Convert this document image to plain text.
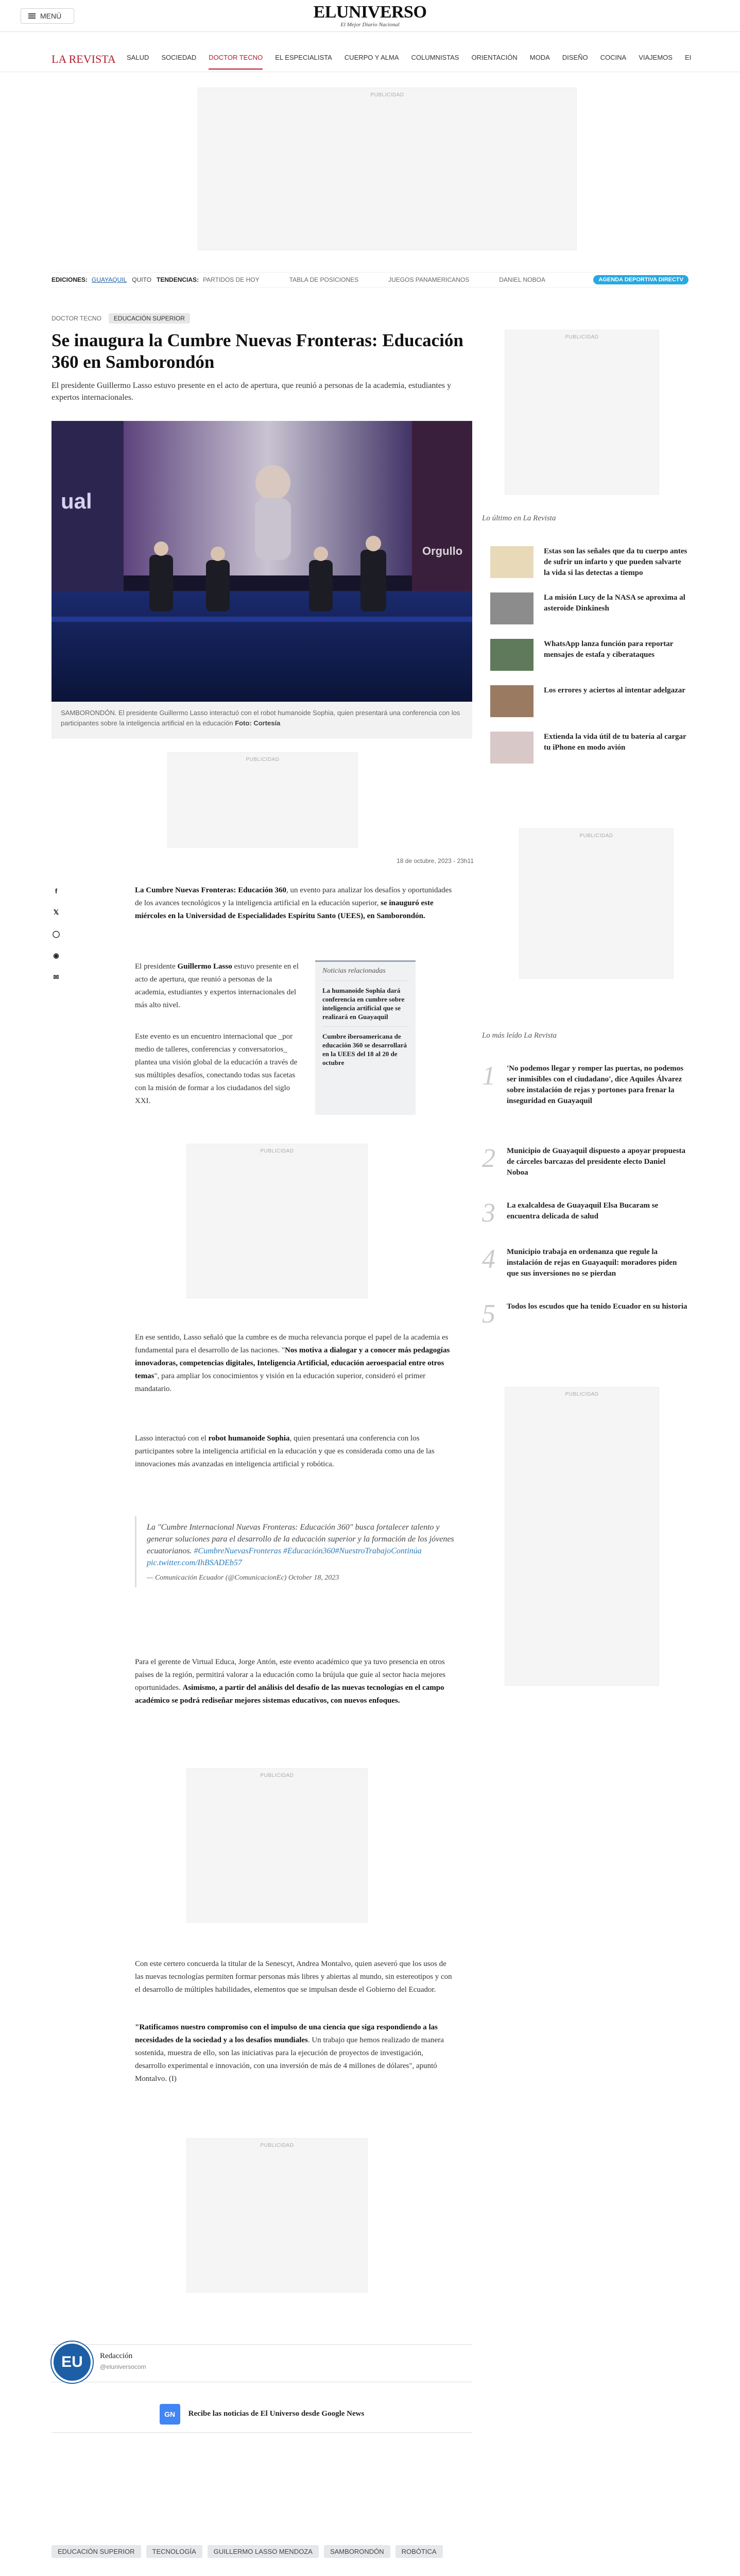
MENÚ	ELUNIVERSO
El Mejor Diario Nacional
LA REVISTA SALUD SOCIEDAD DOCTOR TECNO EL ESPECIALISTA CUERPO Y ALMA COLUMNISTAS ORIENTACIÓN MODA DISEÑO COCINA VIAJEMOS EI
PUBLICIDAD
EDICIONES: GUAYAQUIL QUITO TENDENCIAS: PARTIDOS DE HOY	TABLA DE POSICIONES	JUEGOS PANAMERICANOS	DANIEL NOBOA	AGENDA DEPORTIVA DIRECTV
DOCTOR TECNO	EDUCACIÓN SUPERIOR
Se inaugura la Cumbre Nuevas Fronteras: Educación 360 en Samborondón

El presidente Guillermo Lasso estuvo presente en el acto de apertura, que reunió a personas de la academia, estudiantes y expertos internacionales.

ual
Orgullo
SAMBORONDÓN. El presidente Guillermo Lasso interactuó con el robot humanoide Sophia, quien presentará una conferencia con los participantes sobre la inteligencia artificial en la educación Foto: Cortesía
PUBLICIDAD
18 de octubre, 2023 - 23h11
f
𝕏
◯
◉
✉

La Cumbre Nuevas Fronteras: Educación 360, un evento para analizar los desafíos y oportunidades de los avances tecnológicos y la inteligencia artificial en la educación superior, se inauguró este miércoles en la Universidad de Especialidades Espíritu Santo (UEES), en Samborondón.

El presidente Guillermo Lasso estuvo presente en el acto de apertura, que reunió a personas de la academia, estudiantes y expertos internacionales del más alto nivel.

Este evento es un encuentro internacional que _por medio de talleres, conferencias y conversatorios_ plantea una visión global de la educación a través de sus múltiples desafíos, conectando todas sus facetas con la misión de formar a los ciudadanos del siglo XXI.

Noticias relacionadas
La humanoide Sophia dará conferencia en cumbre sobre inteligencia artificial que se realizará en Guayaquil
Cumbre iberoamericana de educación 360 se desarrollará en la UEES del 18 al 20 de octubre
PUBLICIDAD

En ese sentido, Lasso señaló que la cumbre es de mucha relevancia porque el papel de la academia es fundamental para el desarrollo de las naciones. "Nos motiva a dialogar y a conocer más pedagogías innovadoras, competencias digitales, Inteligencia Artificial, educación aeroespacial entre otros temas", para ampliar los conocimientos y visión en la educación superior, consideró el primer mandatario.

Lasso interactuó con el robot humanoide Sophia, quien presentará una conferencia con los participantes sobre la inteligencia artificial en la educación y que es considerada como una de las innovaciones más avanzadas en inteligencia artificial y robótica.

La "Cumbre Internacional Nuevas Fronteras: Educación 360" busca fortalecer talento y generar soluciones para el desarrollo de la educación superior y la formación de los jóvenes ecuatorianos. #CumbreNuevasFronteras #Educación360#NuestroTrabajoContinúa pic.twitter.com/IhBSADEb57
— Comunicación Ecuador (@ComunicacionEc) October 18, 2023

Para el gerente de Virtual Educa, Jorge Antón, este evento académico que ya tuvo presencia en otros países de la región, permitirá valorar a la educación como la brújula que guíe al sector hacia mejores oportunidades. Asimismo, a partir del análisis del desafío de las nuevas tecnologías en el campo académico se podrá rediseñar mejores sistemas educativos, con nuevos enfoques.

PUBLICIDAD

Con este certero concuerda la titular de la Senescyt, Andrea Montalvo, quien aseveró que los usos de las nuevas tecnologías permiten formar personas más libres y abiertas al mundo, sin estereotipos y con el desarrollo de múltiples habilidades, elementos que se impulsan desde el Gobierno del Ecuador.

"Ratificamos nuestro compromiso con el impulso de una ciencia que siga respondiendo a las necesidades de la sociedad y a los desafíos mundiales. Un trabajo que hemos realizado de manera sostenida, muestra de ello, son las iniciativas para la ejecución de proyectos de investigación, desarrollo experimental e innovación, con una inversión de más de 4 millones de dólares", apuntó Montalvo. (I)

PUBLICIDAD
EU	Redacción
@eluniversocom
GN	Recibe las noticias de El Universo desde Google News
EDUCACIÓN SUPERIOR	TECNOLOGÍA	GUILLERMO LASSO MENDOZA	SAMBORONDÓN	ROBÓTICA
PUBLICIDAD
Lo último en La Revista
Estas son las señales que da tu cuerpo antes de sufrir un infarto y que pueden salvarte la vida si las detectas a tiempo
La misión Lucy de la NASA se aproxima al asteroide Dinkinesh
WhatsApp lanza función para reportar mensajes de estafa y ciberataques
Los errores y aciertos al intentar adelgazar
Extienda la vida útil de tu batería al cargar tu iPhone en modo avión
PUBLICIDAD
Lo más leído La Revista
1 'No podemos llegar y romper las puertas, no podemos ser inmisibles con el ciudadano', dice Aquiles Álvarez sobre instalación de rejas y portones para frenar la inseguridad en Guayaquil
2 Municipio de Guayaquil dispuesto a apoyar propuesta de cárceles barcazas del presidente electo Daniel Noboa
3 La exalcaldesa de Guayaquil Elsa Bucaram se encuentra delicada de salud
4 Municipio trabaja en ordenanza que regule la instalación de rejas en Guayaquil: moradores piden que sus inversiones no se pierdan
5 Todos los escudos que ha tenido Ecuador en su historia
PUBLICIDAD
